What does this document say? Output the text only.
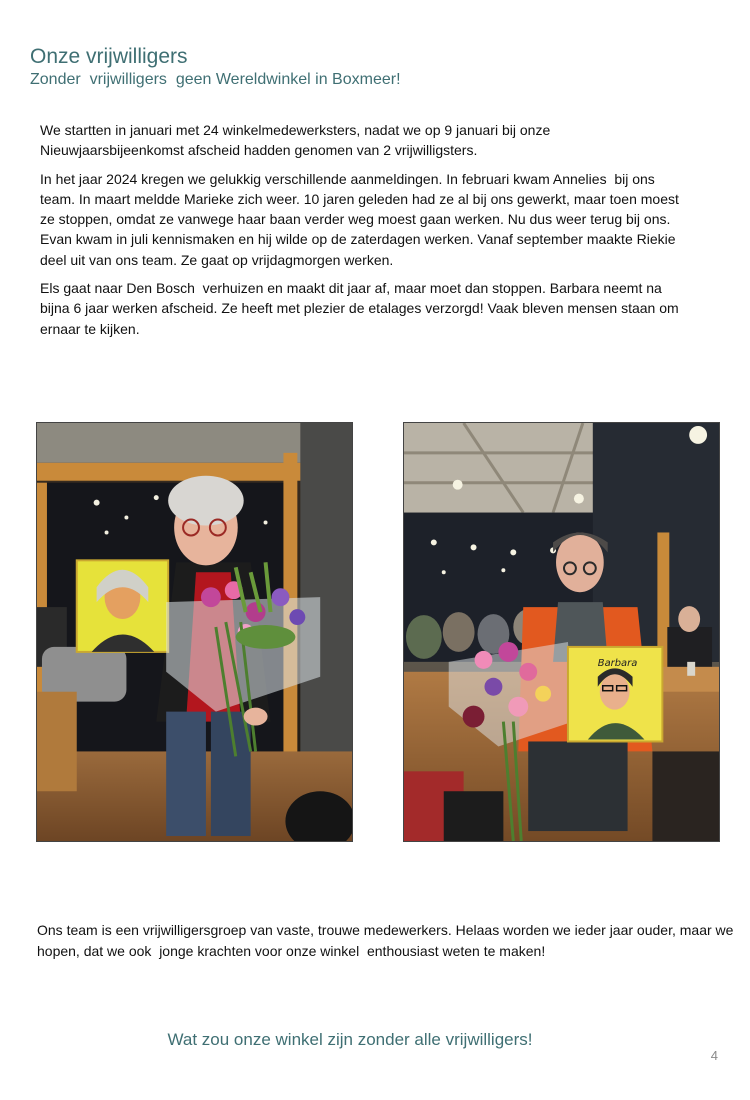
Onze vrijwilligers
Zonder  vrijwilligers  geen Wereldwinkel in Boxmeer!

We startten in januari met 24 winkelmedewerksters, nadat we op 9 januari bij onze Nieuwjaarsbijeenkomst afscheid hadden genomen van 2 vrijwilligsters.

In het jaar 2024 kregen we gelukkig verschillende aanmeldingen. In februari kwam Annelies  bij ons team. In maart meldde Marieke zich weer. 10 jaren geleden had ze al bij ons gewerkt, maar toen moest ze stoppen, omdat ze vanwege haar baan verder weg moest gaan werken. Nu dus weer terug bij ons. Evan kwam in juli kennismaken en hij wilde op de zaterdagen werken. Vanaf september maakte Riekie deel uit van ons team. Ze gaat op vrijdagmorgen werken.

Els gaat naar Den Bosch  verhuizen en maakt dit jaar af, maar moet dan stoppen. Barbara neemt na bijna 6 jaar werken afscheid. Ze heeft met plezier de etalages verzorgd! Vaak bleven mensen staan om ernaar te kijken.

Barbara
Ons team is een vrijwilligersgroep van vaste, trouwe medewerkers. Helaas worden we ieder jaar ouder, maar we hopen, dat we ook  jonge krachten voor onze winkel  enthousiast weten te maken!
Wat zou onze winkel zijn zonder alle vrijwilligers!
4
